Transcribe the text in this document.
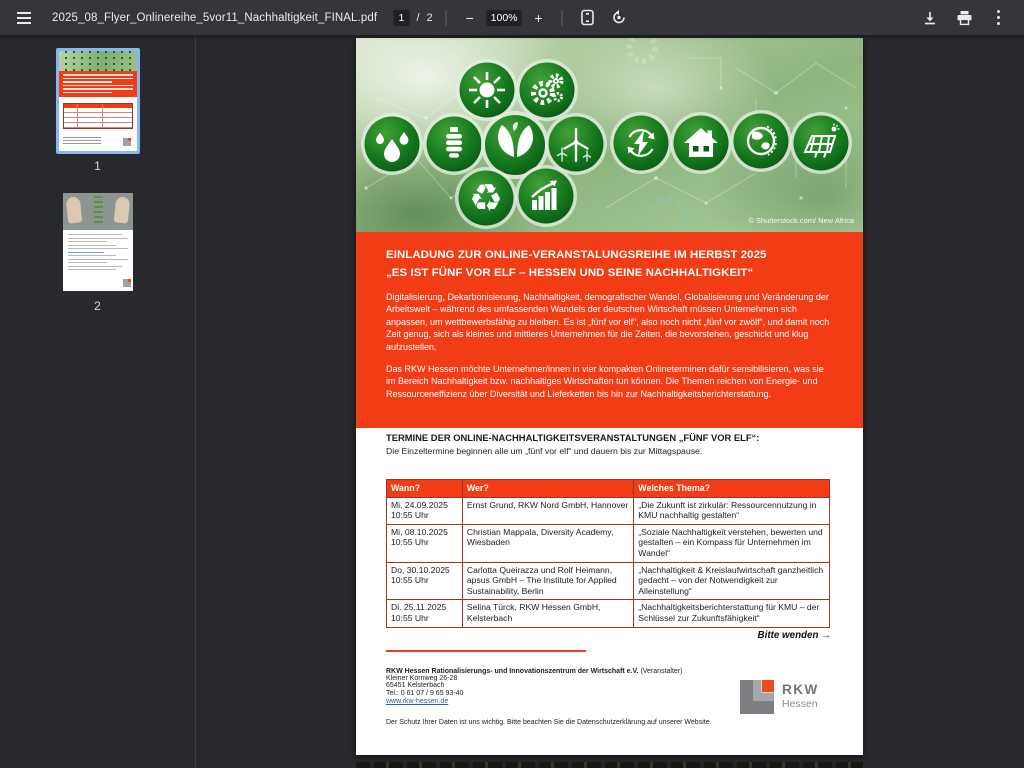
2025_08_Flyer_Onlinereihe_5vor11_Nachhaltigkeit_FINAL.pdf	1	/ 2	−	100%	+
1
2
♻
© Shutterstock.com/ New Africa
EINLADUNG ZUR ONLINE-VERANSTALUNGSREIHE IM HERBST 2025
„ES IST FÜNF VOR ELF – HESSEN UND SEINE NACHHALTIGKEIT“

Digitalisierung, Dekarbonisierung, Nachhaltigkeit, demografischer Wandel, Globalisierung und Veränderung der Arbeitswelt – während des umfassenden Wandels der deutschen Wirtschaft müssen Unternehmen sich anpassen, um wettbewerbsfähig zu bleiben. Es ist „fünf vor elf“, also noch nicht „fünf vor zwölf“, und damit noch Zeit genug, sich als kleines und mittleres Unternehmen für die Zeiten, die bevorstehen, geschickt und klug aufzustellen.

Das RKW Hessen möchte Unternehmer/innen in vier kompakten Onlineterminen dafür sensibilisieren, was sie im Bereich Nachhaltigkeit bzw. nachhaltiges Wirtschaften tun können. Die Themen reichen von Energie- und Ressourceneffizienz über Diversität und Lieferketten bis hin zur Nachhaltigkeitsberichterstattung.

TERMINE DER ONLINE-NACHHALTIGKEITSVERANSTALTUNGEN „FÜNF VOR ELF“:
Die Einzeltermine beginnen alle um „fünf vor elf“ und dauern bis zur Mittagspause.
Wann?	Wer?	Welches Thema?
Mi, 24.09.2025 10:55 Uhr	Ernst Grund, RKW Nord GmbH, Hannover	„Die Zukunft ist zirkulär: Ressourcennutzung in KMU nachhaltig gestalten“
Mi, 08.10.2025 10:55 Uhr	Christian Mappala, Diversity Academy, Wiesbaden	„Soziale Nachhaltigkeit verstehen, bewerten und gestalten – ein Kompass für Unternehmen im Wandel“
Do, 30.10.2025 10:55 Uhr	Carlotta Queirazza und Rolf Heimann, apsus GmbH – The Institute for Applied Sustainability, Berlin	„Nachhaltigkeit & Kreislaufwirtschaft ganzheitlich gedacht – von der Notwendigkeit zur Alleinstellung“
Di. 25.11.2025 10:55 Uhr	Selina Türck, RKW Hessen GmbH, Kelsterbach	„Nachhaltigkeitsberichterstattung für KMU – der Schlüssel zur Zukunftsfähigkeit“
Bitte wenden →
RKW Hessen Rationalisierungs- und Innovationszentrum der Wirtschaft e.V. (Veranstalter)
Kleiner Kornweg 26-28
65451 Kelsterbach
Tel.: 0 61 07 / 9 65 93-40
www.rkw-hessen.de
RKW
Hessen
Der Schutz Ihrer Daten ist uns wichtig. Bitte beachten Sie die Datenschutzerklärung auf unserer Website.
